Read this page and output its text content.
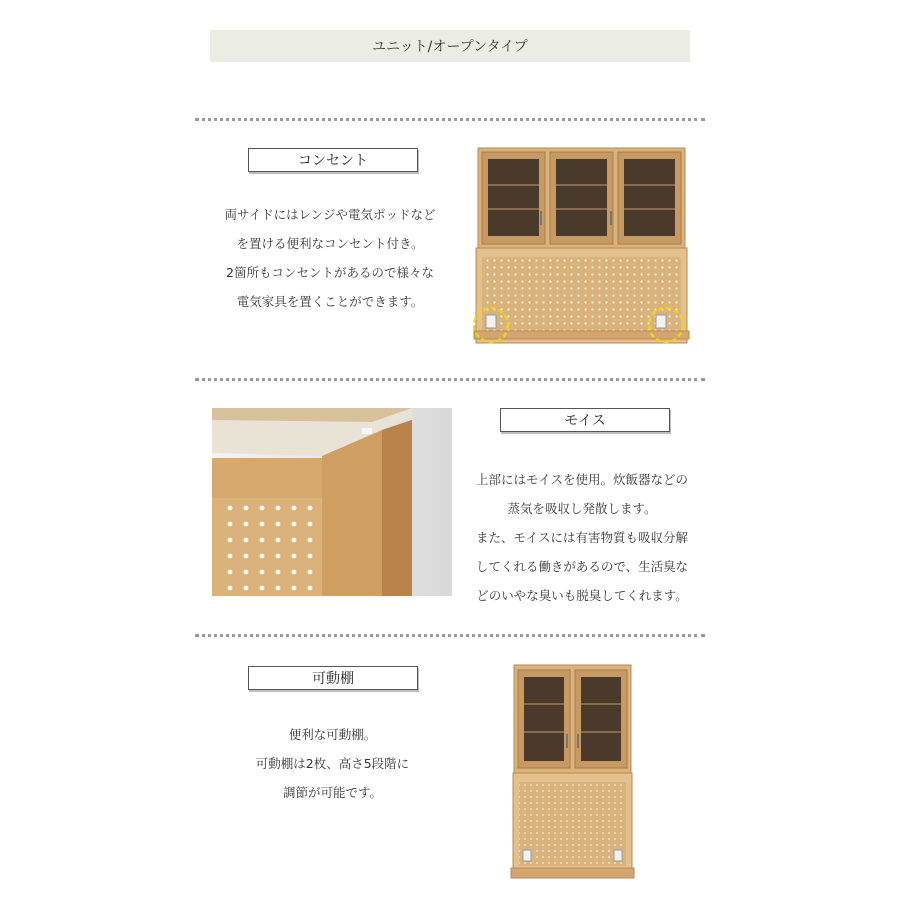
ユニット/オープンタイプ
コンセント
両サイドにはレンジや電気ポッドなど
を置ける便利なコンセント付き。
2箇所もコンセントがあるので様々な
電気家具を置くことができます。
モイス
上部にはモイスを使用。炊飯器などの
蒸気を吸収し発散します。
また、モイスには有害物質も吸収分解
してくれる働きがあるので、生活臭な
どのいやな臭いも脱臭してくれます。
可動棚
便利な可動棚。
可動棚は2枚、高さ5段階に
調節が可能です。
